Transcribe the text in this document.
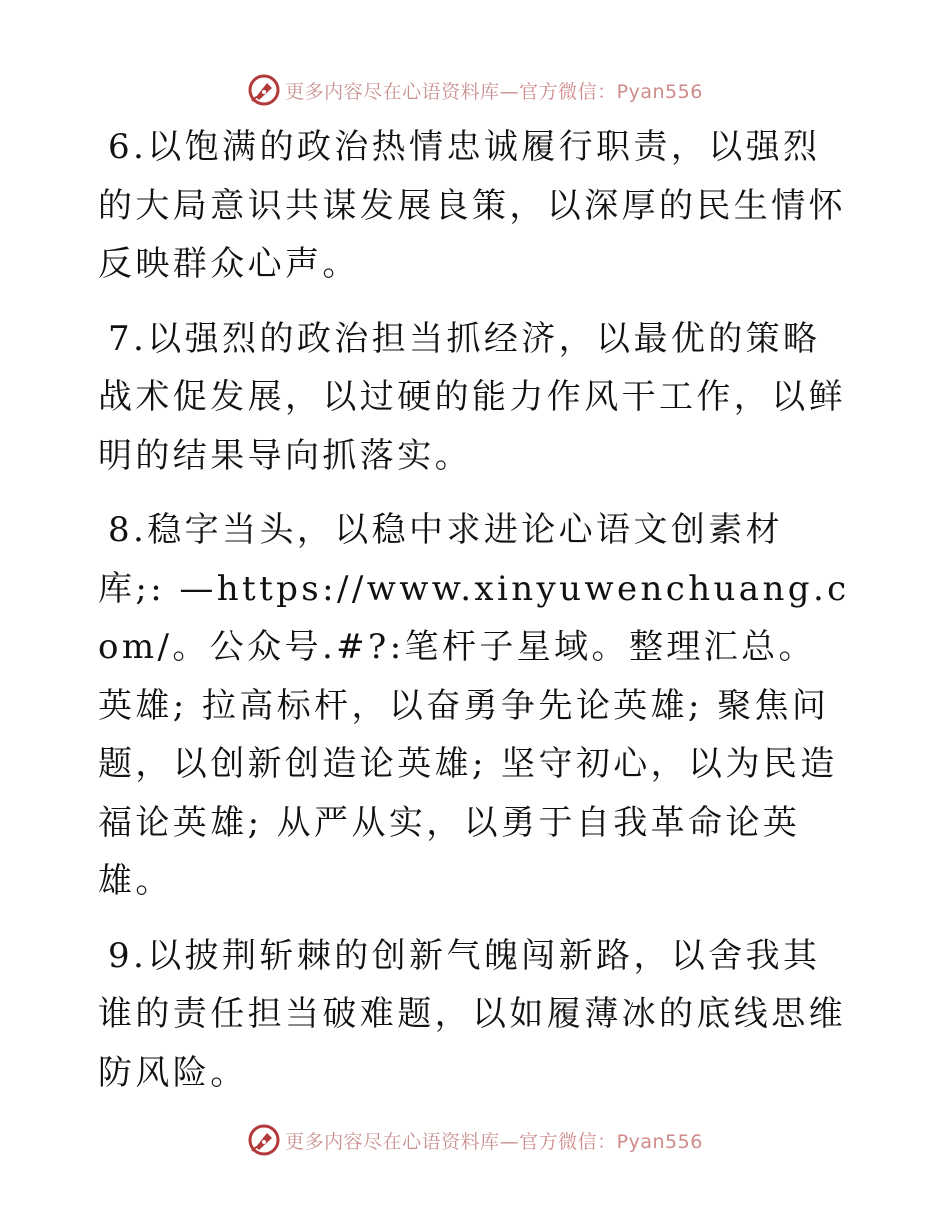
更多内容尽在心语资料库—官方微信：Pyan556

6.以饱满的政治热情忠诚履行职责，以强烈的大局意识共谋发展良策，以深厚的民生情怀反映群众心声。

7.以强烈的政治担当抓经济，以最优的策略战术促发展，以过硬的能力作风干工作，以鲜明的结果导向抓落实。

8.稳字当头，以稳中求进论心语文创素材库;: —https://www.xinyuwenchuang.com/。公众号.#?:笔杆子星域。整理汇总。英雄; 拉高标杆，以奋勇争先论英雄; 聚焦问题，以创新创造论英雄; 坚守初心，以为民造福论英雄; 从严从实，以勇于自我革命论英雄。

9.以披荆斩棘的创新气魄闯新路，以舍我其谁的责任担当破难题，以如履薄冰的底线思维防风险。

更多内容尽在心语资料库—官方微信：Pyan556
